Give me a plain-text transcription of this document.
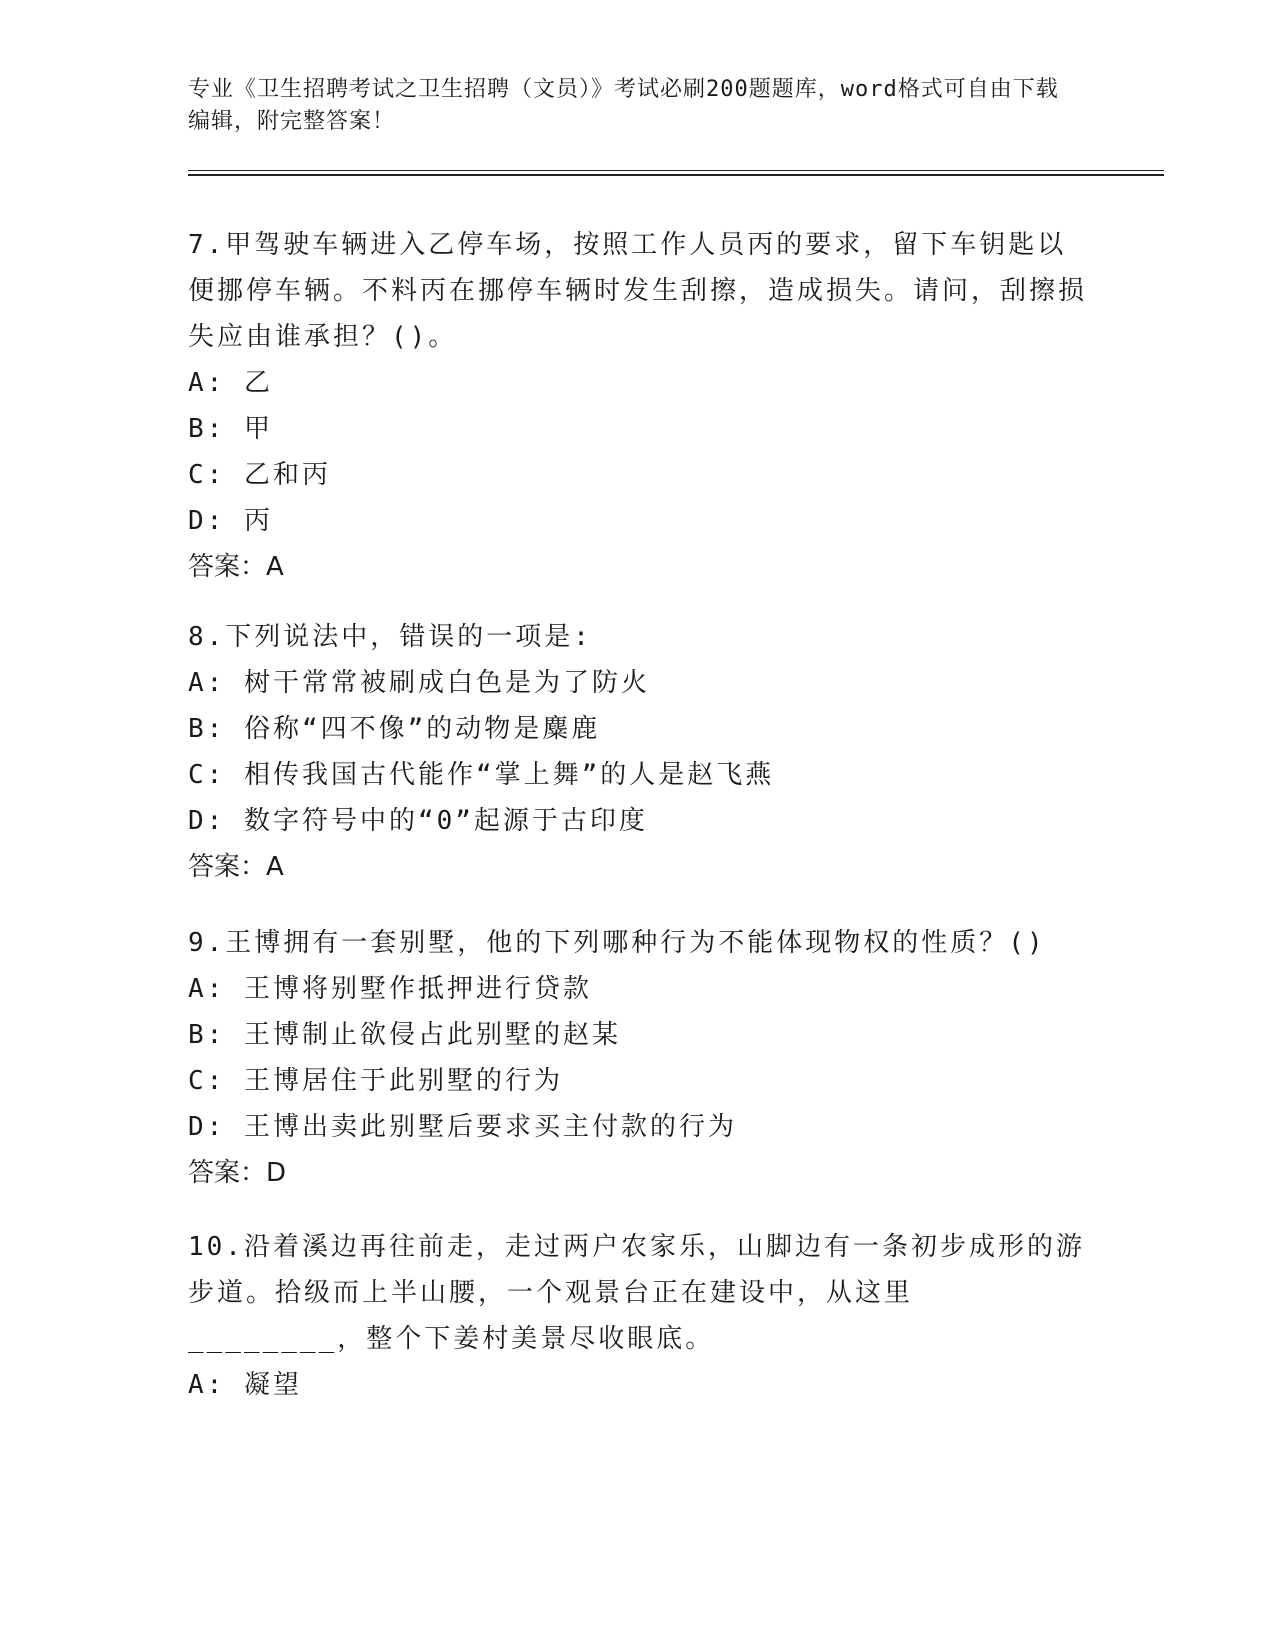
专业《卫生招聘考试之卫生招聘（文员）》考试必刷200题题库，word格式可自由下载编辑，附完整答案！

7.甲驾驶车辆进入乙停车场，按照工作人员丙的要求，留下车钥匙以便挪停车辆。不料丙在挪停车辆时发生刮擦，造成损失。请问，刮擦损失应由谁承担？()。

A: 乙

B: 甲

C: 乙和丙

D: 丙

答案：A

8.下列说法中，错误的一项是:

A: 树干常常被刷成白色是为了防火

B: 俗称“四不像”的动物是麋鹿

C: 相传我国古代能作“掌上舞”的人是赵飞燕

D: 数字符号中的“0”起源于古印度

答案：A

9.王博拥有一套别墅，他的下列哪种行为不能体现物权的性质？()

A: 王博将别墅作抵押进行贷款

B: 王博制止欲侵占此别墅的赵某

C: 王博居住于此别墅的行为

D: 王博出卖此别墅后要求买主付款的行为

答案：D

10.沿着溪边再往前走，走过两户农家乐，山脚边有一条初步成形的游步道。拾级而上半山腰，一个观景台正在建设中，从这里________，整个下姜村美景尽收眼底。

A: 凝望
